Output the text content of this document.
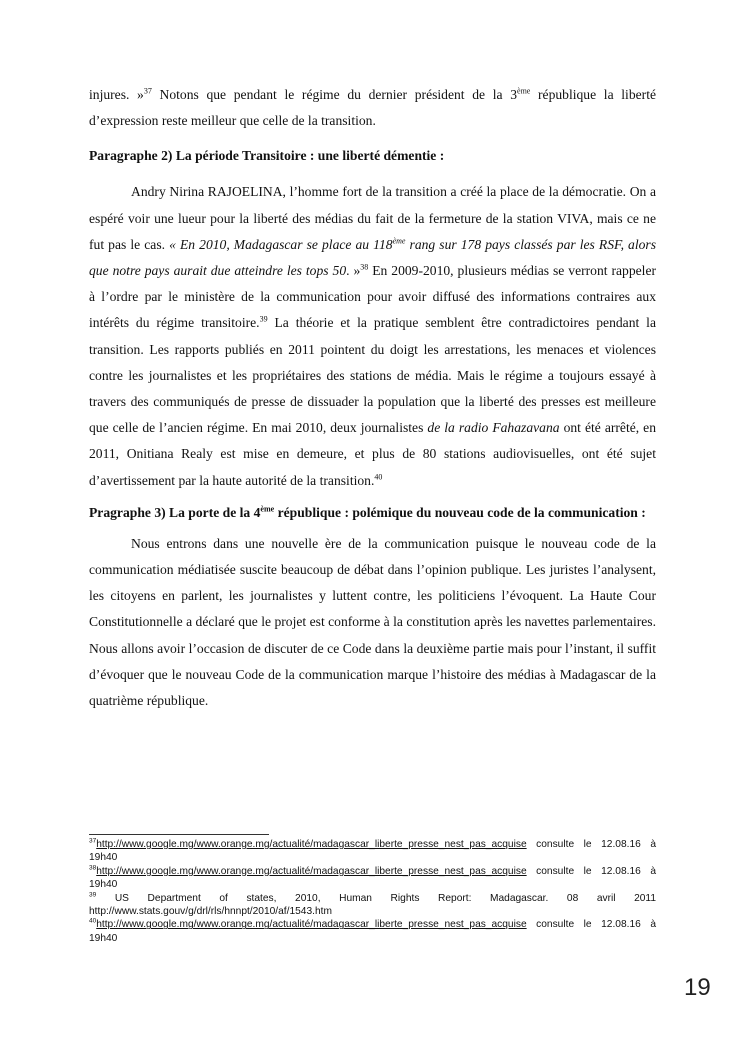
injures. »$^{37}$ Notons que pendant le régime du dernier président de la 3ème république la liberté d’expression reste meilleur que celle de la transition.

Paragraphe 2) La période Transitoire : une liberté démentie :

Andry Nirina RAJOELINA, l’homme fort de la transition a créé la place de la démocratie. On a espéré voir une lueur pour la liberté des médias du fait de la fermeture de la station VIVA, mais ce ne fut pas le cas. « En 2010, Madagascar se place au 118ème rang sur 178 pays classés par les RSF, alors que notre pays aurait due atteindre les tops 50. »$^{38}$ En 2009-2010, plusieurs médias se verront rappeler à l’ordre par le ministère de la communication pour avoir diffusé des informations contraires aux intérêts du régime transitoire.$^{39}$ La théorie et la pratique semblent être contradictoires pendant la transition. Les rapports publiés en 2011 pointent du doigt les arrestations, les menaces et violences contre les journalistes et les propriétaires des stations de média. Mais le régime a toujours essayé à travers des communiqués de presse de dissuader la population que la liberté des presses est meilleure que celle de l’ancien régime. En mai 2010, deux journalistes de la radio Fahazavana ont été arrêté, en 2011, Onitiana Realy est mise en demeure, et plus de 80 stations audiovisuelles, ont été sujet d’avertissement par la haute autorité de la transition.$^{40}$

Pragraphe 3) La porte de la 4ème république : polémique du nouveau code de la communication :

Nous entrons dans une nouvelle ère de la communication puisque le nouveau code de la communication médiatisée suscite beaucoup de débat dans l’opinion publique. Les juristes l’analysent, les citoyens en parlent, les journalistes y luttent contre, les politiciens l’évoquent. La Haute Cour Constitutionnelle a déclaré que le projet est conforme à la constitution après les navettes parlementaires. Nous allons avoir l’occasion de discuter de ce Code dans la deuxième partie mais pour l’instant, il suffit d’évoquer que le nouveau Code de la communication marque l’histoire des médias à Madagascar de la quatrième république.

$^{37}$http://www.google.mg/www.orange.mg/actualité/madagascar_liberte_presse_nest_pas_acquise consulte le 12.08.16 à 19h40
$^{38}$http://www.google.mg/www.orange.mg/actualité/madagascar_liberte_presse_nest_pas_acquise consulte le 12.08.16 à 19h40
$^{39}$ US Department of states, 2010, Human Rights Report: Madagascar. 08 avril 2011
http://www.stats.gouv/g/drl/rls/hnnpt/2010/af/1543.htm
$^{40}$http://www.google.mg/www.orange.mg/actualité/madagascar_liberte_presse_nest_pas_acquise consulte le 12.08.16 à 19h40
19
